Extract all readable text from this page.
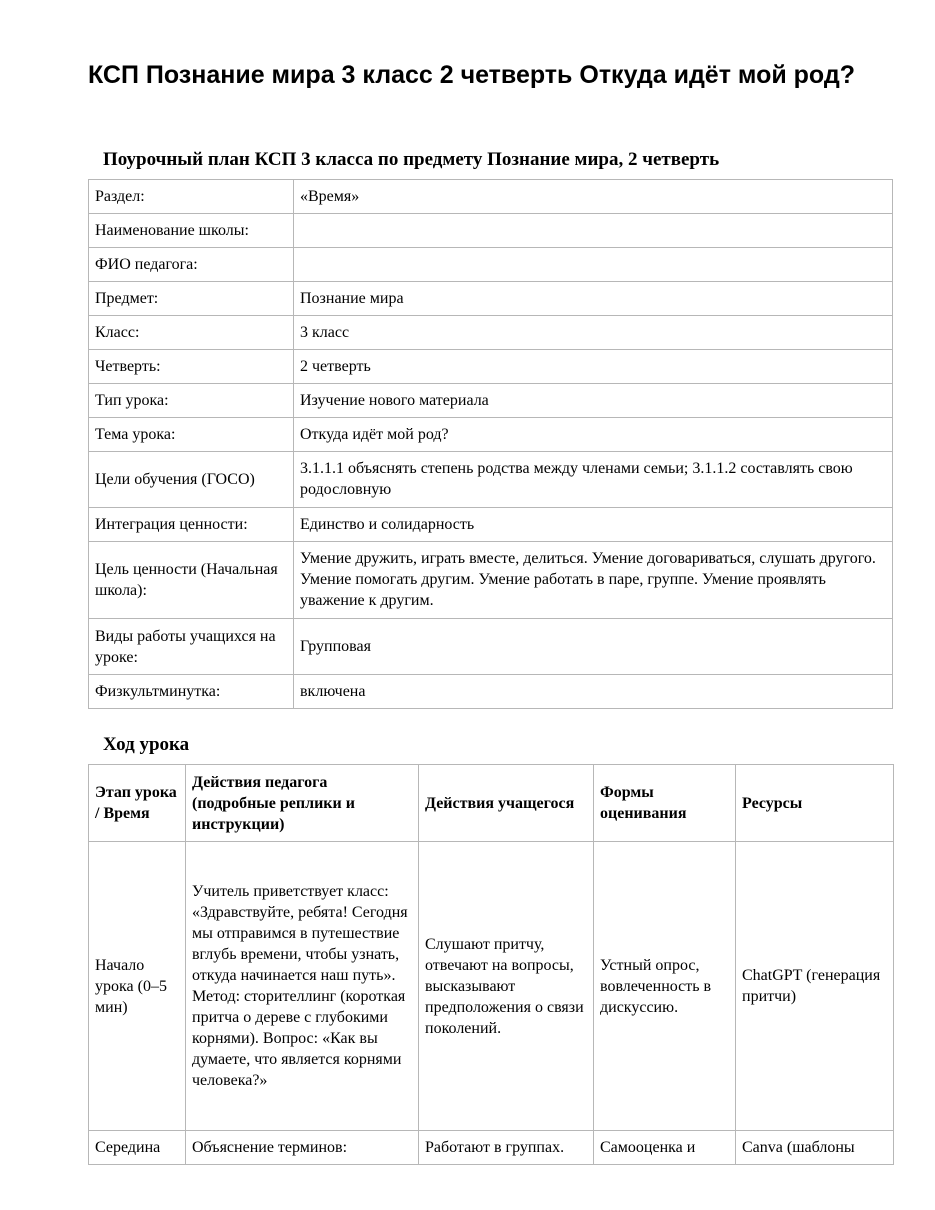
КСП Познание мира 3 класс 2 четверть Откуда идёт мой род?
Поурочный план КСП 3 класса по предмету Познание мира, 2 четверть
Раздел:	«Время»
Наименование школы:	
ФИО педагога:	
Предмет:	Познание мира
Класс:	3 класс
Четверть:	2 четверть
Тип урока:	Изучение нового материала
Тема урока:	Откуда идёт мой род?
Цели обучения (ГОСО)	3.1.1.1 объяснять степень родства между членами семьи; 3.1.1.2 составлять свою родословную
Интеграция ценности:	Единство и солидарность
Цель ценности (Начальная школа):	Умение дружить, играть вместе, делиться. Умение договариваться, слушать другого. Умение помогать другим. Умение работать в паре, группе. Умение проявлять уважение к другим.
Виды работы учащихся на уроке:	Групповая
Физкультминутка:	включена
Ход урока
Этап урока / Время	Действия педагога (подробные реплики и инструкции)	Действия учащегося	Формы оценивания	Ресурсы
Начало урока (0–5 мин)	Учитель приветствует класс: «Здравствуйте, ребята! Сегодня мы отправимся в путешествие вглубь времени, чтобы узнать, откуда начинается наш путь». Метод: сторителлинг (короткая притча о дереве с глубокими корнями). Вопрос: «Как вы думаете, что является корнями человека?»	Слушают притчу, отвечают на вопросы, высказывают предположения о связи поколений.	Устный опрос, вовлеченность в дискуссию.	ChatGPT (генерация притчи)
Середина	Объяснение терминов:	Работают в группах.	Самооценка и	Canva (шаблоны
